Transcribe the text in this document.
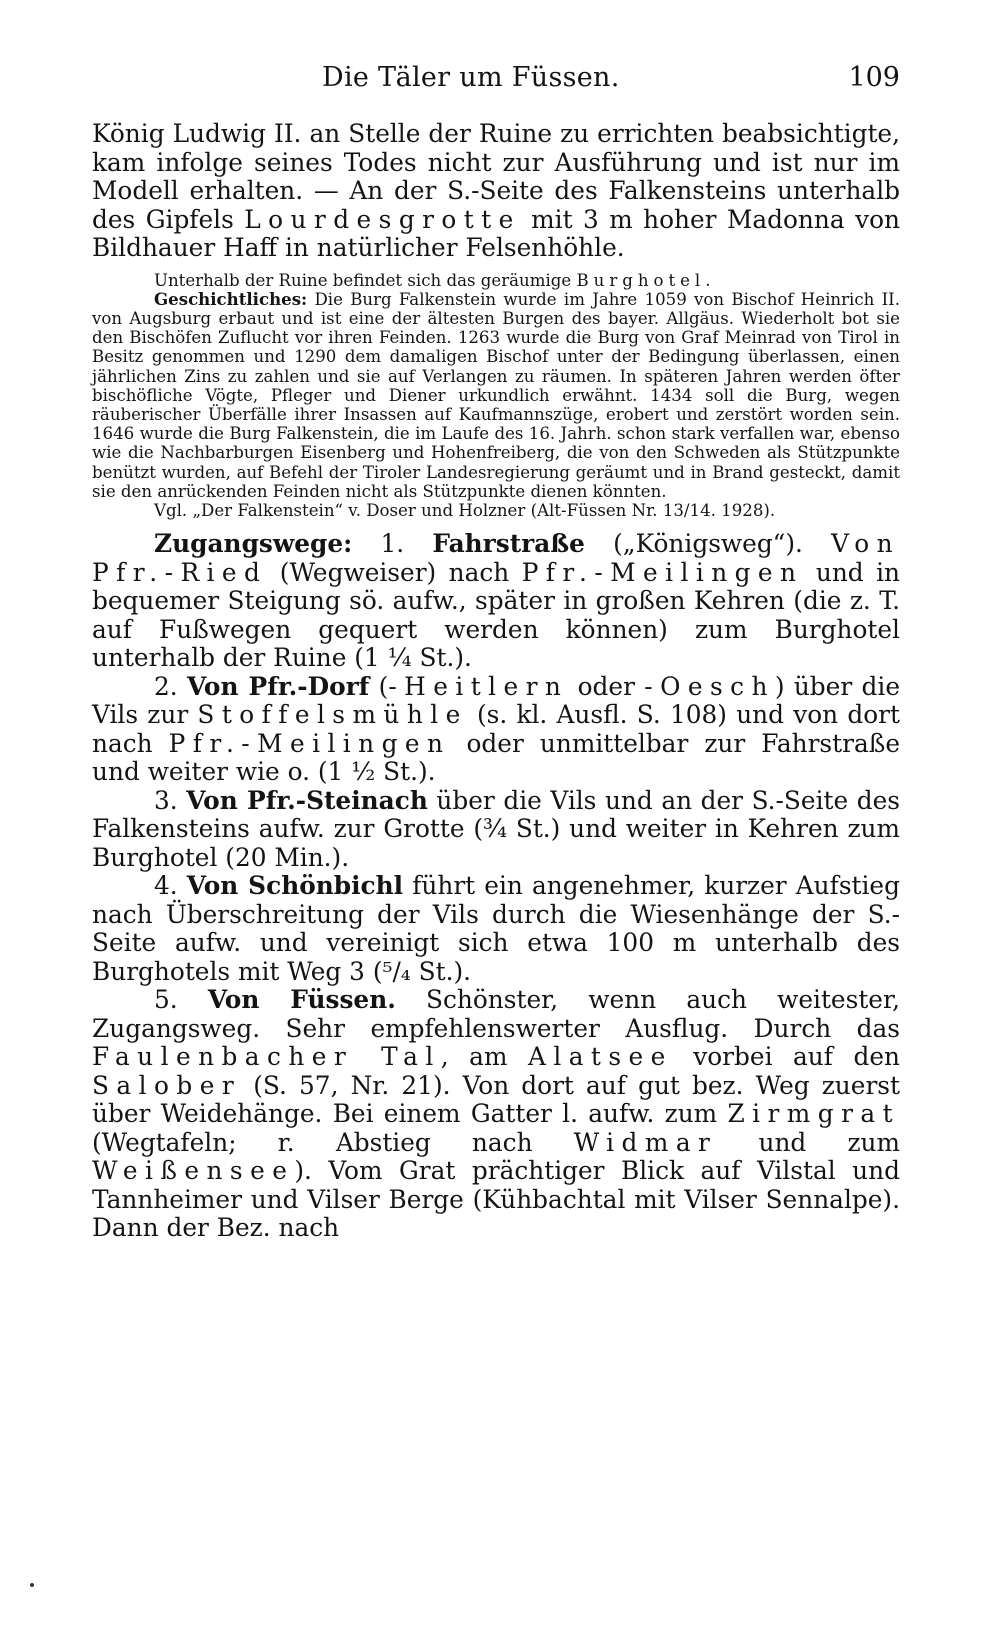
Die Täler um Füssen.	109

König Ludwig II. an Stelle der Ruine zu errichten beabsichtigte, kam infolge seines Todes nicht zur Ausführung und ist nur im Modell erhalten. — An der S.-Seite des Falkensteins unterhalb des Gipfels Lourdesgrotte mit 3 m hoher Madonna von Bildhauer Haff in natürlicher Felsenhöhle.

Unterhalb der Ruine befindet sich das geräumige Burghotel.

Geschichtliches: Die Burg Falkenstein wurde im Jahre 1059 von Bischof Heinrich II. von Augsburg erbaut und ist eine der ältesten Burgen des bayer. Allgäus. Wiederholt bot sie den Bischöfen Zuflucht vor ihren Feinden. 1263 wurde die Burg von Graf Meinrad von Tirol in Besitz genommen und 1290 dem damaligen Bischof unter der Bedingung überlassen, einen jährlichen Zins zu zahlen und sie auf Verlangen zu räumen. In späteren Jahren werden öfter bischöfliche Vögte, Pfleger und Diener urkundlich erwähnt. 1434 soll die Burg, wegen räuberischer Überfälle ihrer Insassen auf Kaufmannszüge, erobert und zerstört worden sein. 1646 wurde die Burg Falkenstein, die im Laufe des 16. Jahrh. schon stark verfallen war, ebenso wie die Nachbarburgen Eisenberg und Hohenfreiberg, die von den Schweden als Stützpunkte benützt wurden, auf Befehl der Tiroler Landesregierung geräumt und in Brand gesteckt, damit sie den anrückenden Feinden nicht als Stützpunkte dienen könnten.

Vgl. „Der Falkenstein“ v. Doser und Holzner (Alt-Füssen Nr. 13/14. 1928).

Zugangswege: 1. Fahrstraße („Königsweg“). Von Pfr.-Ried (Wegweiser) nach Pfr.-Meilingen und in bequemer Steigung sö. aufw., später in großen Kehren (die z. T. auf Fußwegen gequert werden können) zum Burghotel unterhalb der Ruine (1 ¼ St.).

2. Von Pfr.-Dorf (-Heitlern oder -Oesch) über die Vils zur Stoffelsmühle (s. kl. Ausfl. S. 108) und von dort nach Pfr.-Meilingen oder unmittelbar zur Fahrstraße und weiter wie o. (1 ½ St.).

3. Von Pfr.-Steinach über die Vils und an der S.-Seite des Falkensteins aufw. zur Grotte (¾ St.) und weiter in Kehren zum Burghotel (20 Min.).

4. Von Schönbichl führt ein angenehmer, kurzer Aufstieg nach Überschreitung der Vils durch die Wiesenhänge der S.-Seite aufw. und vereinigt sich etwa 100 m unterhalb des Burghotels mit Weg 3 (⁵/₄ St.).

5. Von Füssen. Schönster, wenn auch weitester, Zugangsweg. Sehr empfehlenswerter Ausflug. Durch das Faulenbacher Tal, am Alatsee vorbei auf den Salober (S. 57, Nr. 21). Von dort auf gut bez. Weg zuerst über Weidehänge. Bei einem Gatter l. aufw. zum Zirmgrat (Wegtafeln; r. Abstieg nach Widmar und zum Weißensee). Vom Grat prächtiger Blick auf Vilstal und Tannheimer und Vilser Berge (Kühbachtal mit Vilser Sennalpe). Dann der Bez. nach
